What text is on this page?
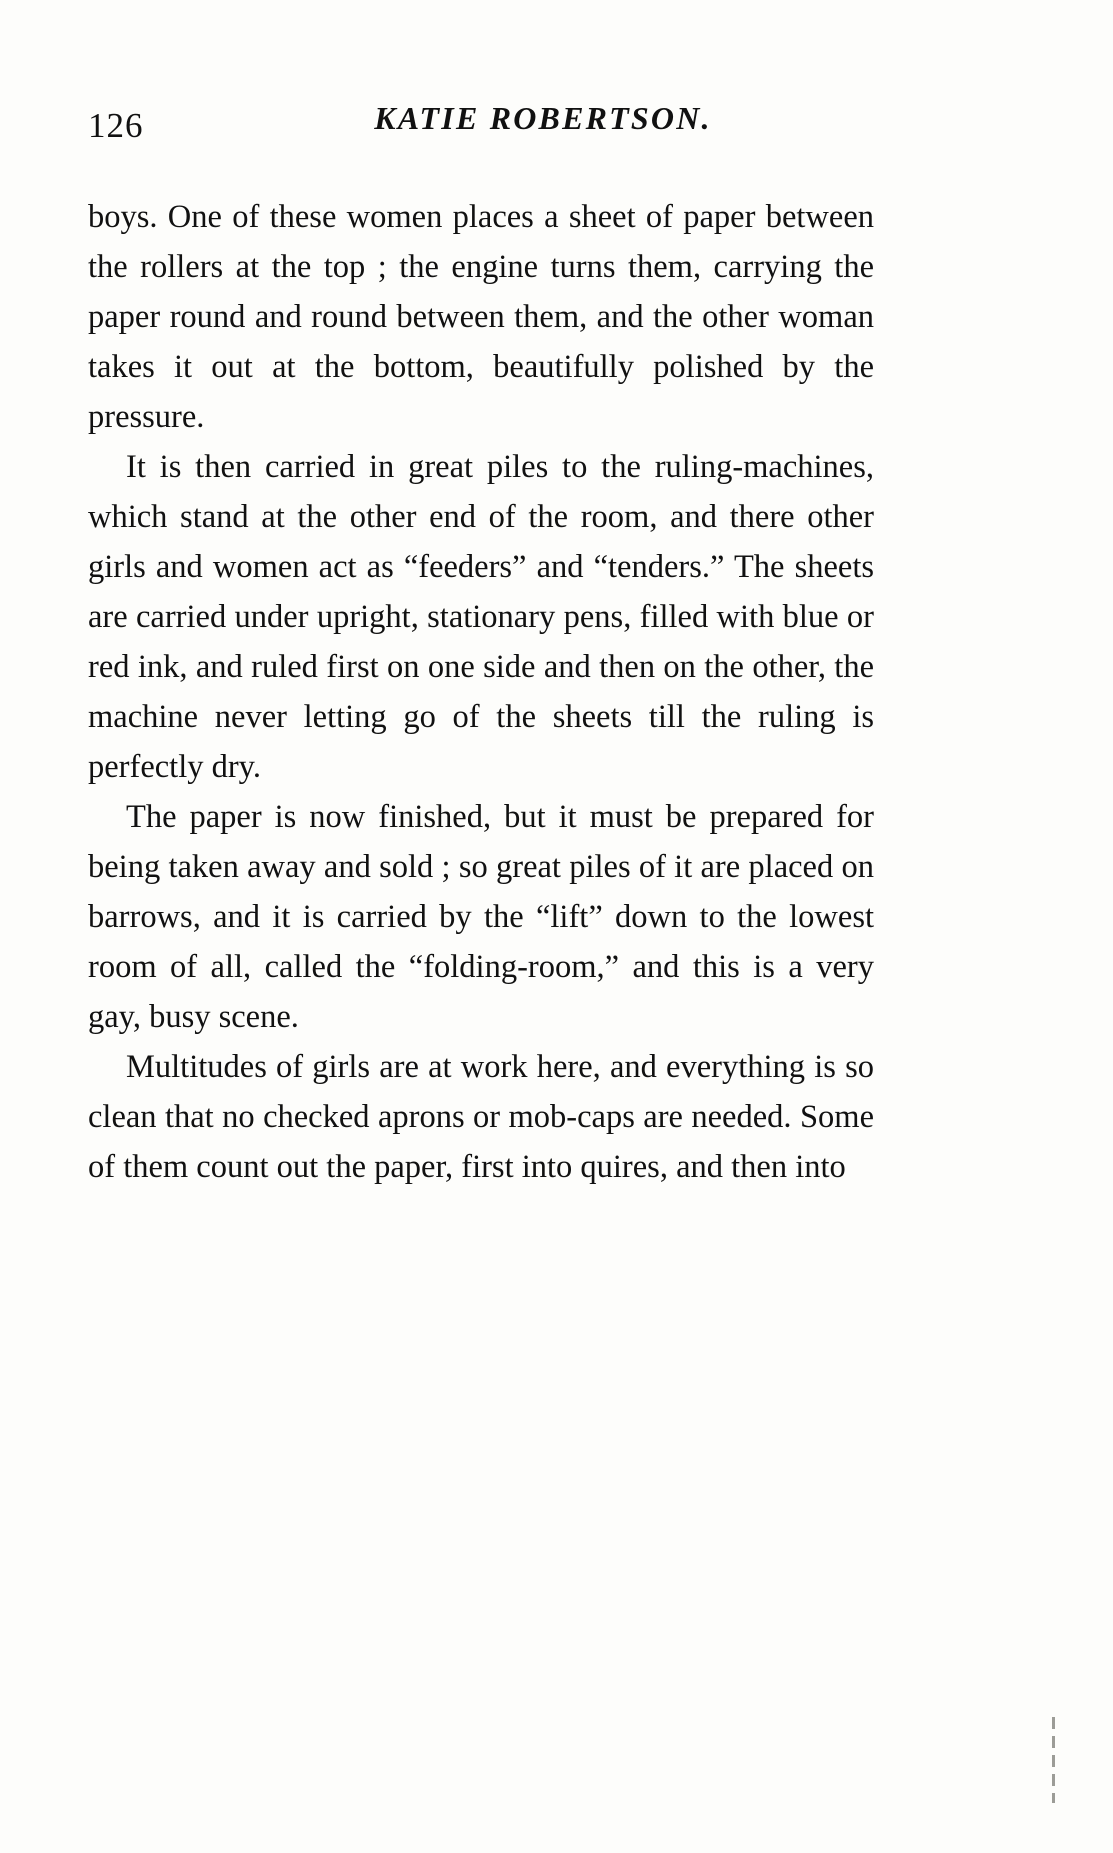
126	KATIE ROBERTSON.

boys. One of these women places a sheet of paper between the rollers at the top ; the engine turns them, carrying the paper round and round between them, and the other woman takes it out at the bottom, beautifully polished by the pressure.

It is then carried in great piles to the ruling-machines, which stand at the other end of the room, and there other girls and women act as “feeders” and “tenders.” The sheets are carried under upright, stationary pens, filled with blue or red ink, and ruled first on one side and then on the other, the machine never letting go of the sheets till the ruling is perfectly dry.

The paper is now finished, but it must be prepared for being taken away and sold ; so great piles of it are placed on barrows, and it is carried by the “lift” down to the lowest room of all, called the “folding-room,” and this is a very gay, busy scene.

Multitudes of girls are at work here, and everything is so clean that no checked aprons or mob-caps are needed. Some of them count out the paper, first into quires, and then into
